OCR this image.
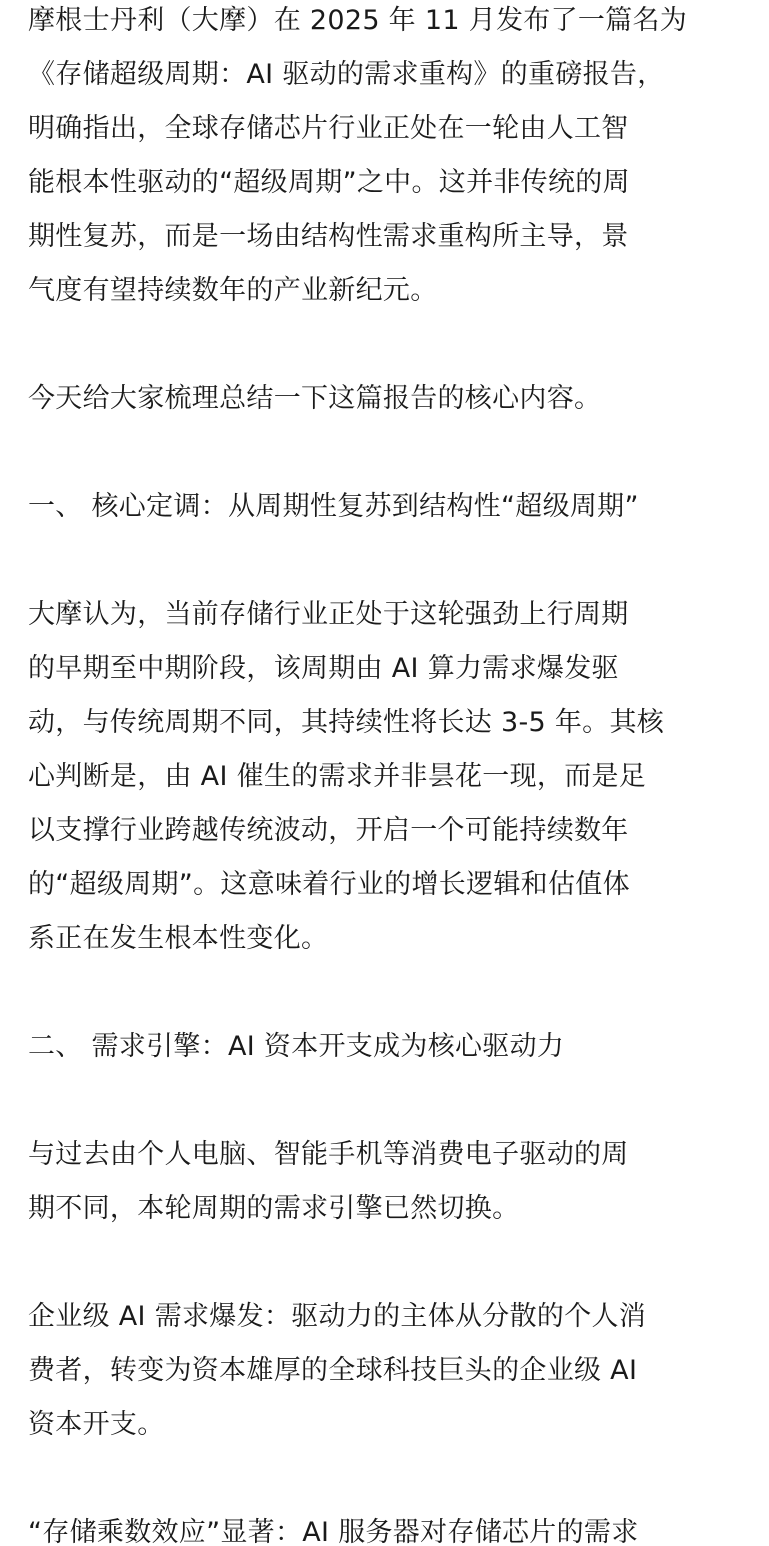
摩根士丹利（大摩）在 2025 年 11 月发布了一篇名为
《存储超级周期：AI 驱动的需求重构》的重磅报告，
明确指出，全球存储芯片行业正处在一轮由人工智
能根本性驱动的“超级周期”之中。这并非传统的周
期性复苏，而是一场由结构性需求重构所主导，景
气度有望持续数年的产业新纪元。
今天给大家梳理总结一下这篇报告的核心内容。
一、 核心定调：从周期性复苏到结构性“超级周期”
大摩认为，当前存储行业正处于这轮强劲上行周期
的早期至中期阶段，该周期由 AI 算力需求爆发驱
动，与传统周期不同，其持续性将长达 3-5 年。其核
心判断是，由 AI 催生的需求并非昙花一现，而是足
以支撑行业跨越传统波动，开启一个可能持续数年
的“超级周期”。这意味着行业的增长逻辑和估值体
系正在发生根本性变化。
二、 需求引擎：AI 资本开支成为核心驱动力
与过去由个人电脑、智能手机等消费电子驱动的周
期不同，本轮周期的需求引擎已然切换。
企业级 AI 需求爆发：驱动力的主体从分散的个人消
费者，转变为资本雄厚的全球科技巨头的企业级 AI
资本开支。
“存储乘数效应”显著：AI 服务器对存储芯片的需求
